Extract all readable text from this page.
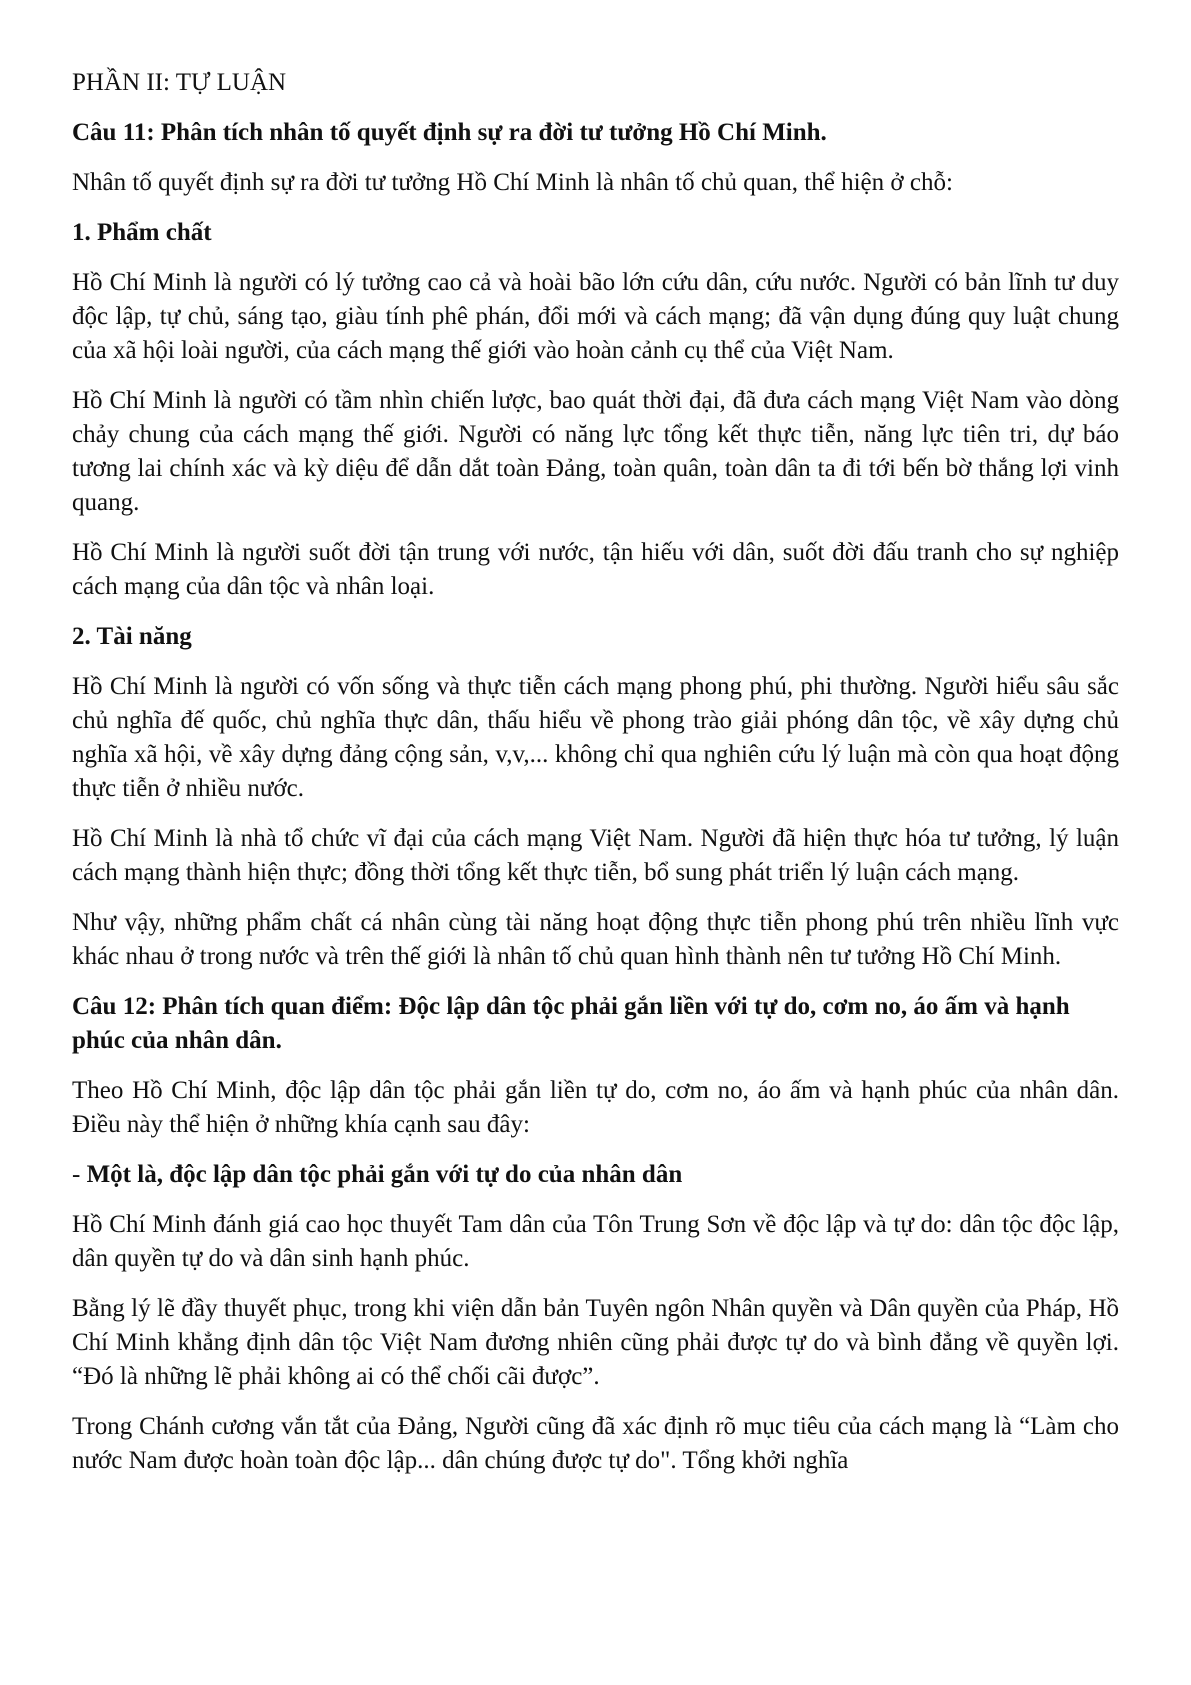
PHẦN II: TỰ LUẬN
Câu 11: Phân tích nhân tố quyết định sự ra đời tư tưởng Hồ Chí Minh.

Nhân tố quyết định sự ra đời tư tưởng Hồ Chí Minh là nhân tố chủ quan, thể hiện ở chỗ:

1. Phẩm chất

Hồ Chí Minh là người có lý tưởng cao cả và hoài bão lớn cứu dân, cứu nước. Người có bản lĩnh tư duy độc lập, tự chủ, sáng tạo, giàu tính phê phán, đổi mới và cách mạng; đã vận dụng đúng quy luật chung của xã hội loài người, của cách mạng thế giới vào hoàn cảnh cụ thể của Việt Nam.

Hồ Chí Minh là người có tầm nhìn chiến lược, bao quát thời đại, đã đưa cách mạng Việt Nam vào dòng chảy chung của cách mạng thế giới. Người có năng lực tổng kết thực tiễn, năng lực tiên tri, dự báo tương lai chính xác và kỳ diệu để dẫn dắt toàn Đảng, toàn quân, toàn dân ta đi tới bến bờ thắng lợi vinh quang.

Hồ Chí Minh là người suốt đời tận trung với nước, tận hiếu với dân, suốt đời đấu tranh cho sự nghiệp cách mạng của dân tộc và nhân loại.

2. Tài năng

Hồ Chí Minh là người có vốn sống và thực tiễn cách mạng phong phú, phi thường. Người hiểu sâu sắc chủ nghĩa đế quốc, chủ nghĩa thực dân, thấu hiểu về phong trào giải phóng dân tộc, về xây dựng chủ nghĩa xã hội, về xây dựng đảng cộng sản, v,v,... không chỉ qua nghiên cứu lý luận mà còn qua hoạt động thực tiễn ở nhiều nước.

Hồ Chí Minh là nhà tổ chức vĩ đại của cách mạng Việt Nam. Người đã hiện thực hóa tư tưởng, lý luận cách mạng thành hiện thực; đồng thời tổng kết thực tiễn, bổ sung phát triển lý luận cách mạng.

Như vậy, những phẩm chất cá nhân cùng tài năng hoạt động thực tiễn phong phú trên nhiều lĩnh vực khác nhau ở trong nước và trên thế giới là nhân tố chủ quan hình thành nên tư tưởng Hồ Chí Minh.

Câu 12: Phân tích quan điểm: Độc lập dân tộc phải gắn liền với tự do, cơm no, áo ấm và hạnh phúc của nhân dân.

Theo Hồ Chí Minh, độc lập dân tộc phải gắn liền tự do, cơm no, áo ấm và hạnh phúc của nhân dân. Điều này thể hiện ở những khía cạnh sau đây:

- Một là, độc lập dân tộc phải gắn với tự do của nhân dân

Hồ Chí Minh đánh giá cao học thuyết Tam dân của Tôn Trung Sơn về độc lập và tự do: dân tộc độc lập, dân quyền tự do và dân sinh hạnh phúc.

Bằng lý lẽ đầy thuyết phục, trong khi viện dẫn bản Tuyên ngôn Nhân quyền và Dân quyền của Pháp, Hồ Chí Minh khẳng định dân tộc Việt Nam đương nhiên cũng phải được tự do và bình đẳng về quyền lợi. “Đó là những lẽ phải không ai có thể chối cãi được”.

Trong Chánh cương vắn tắt của Đảng, Người cũng đã xác định rõ mục tiêu của cách mạng là “Làm cho nước Nam được hoàn toàn độc lập... dân chúng được tự do". Tổng khởi nghĩa
